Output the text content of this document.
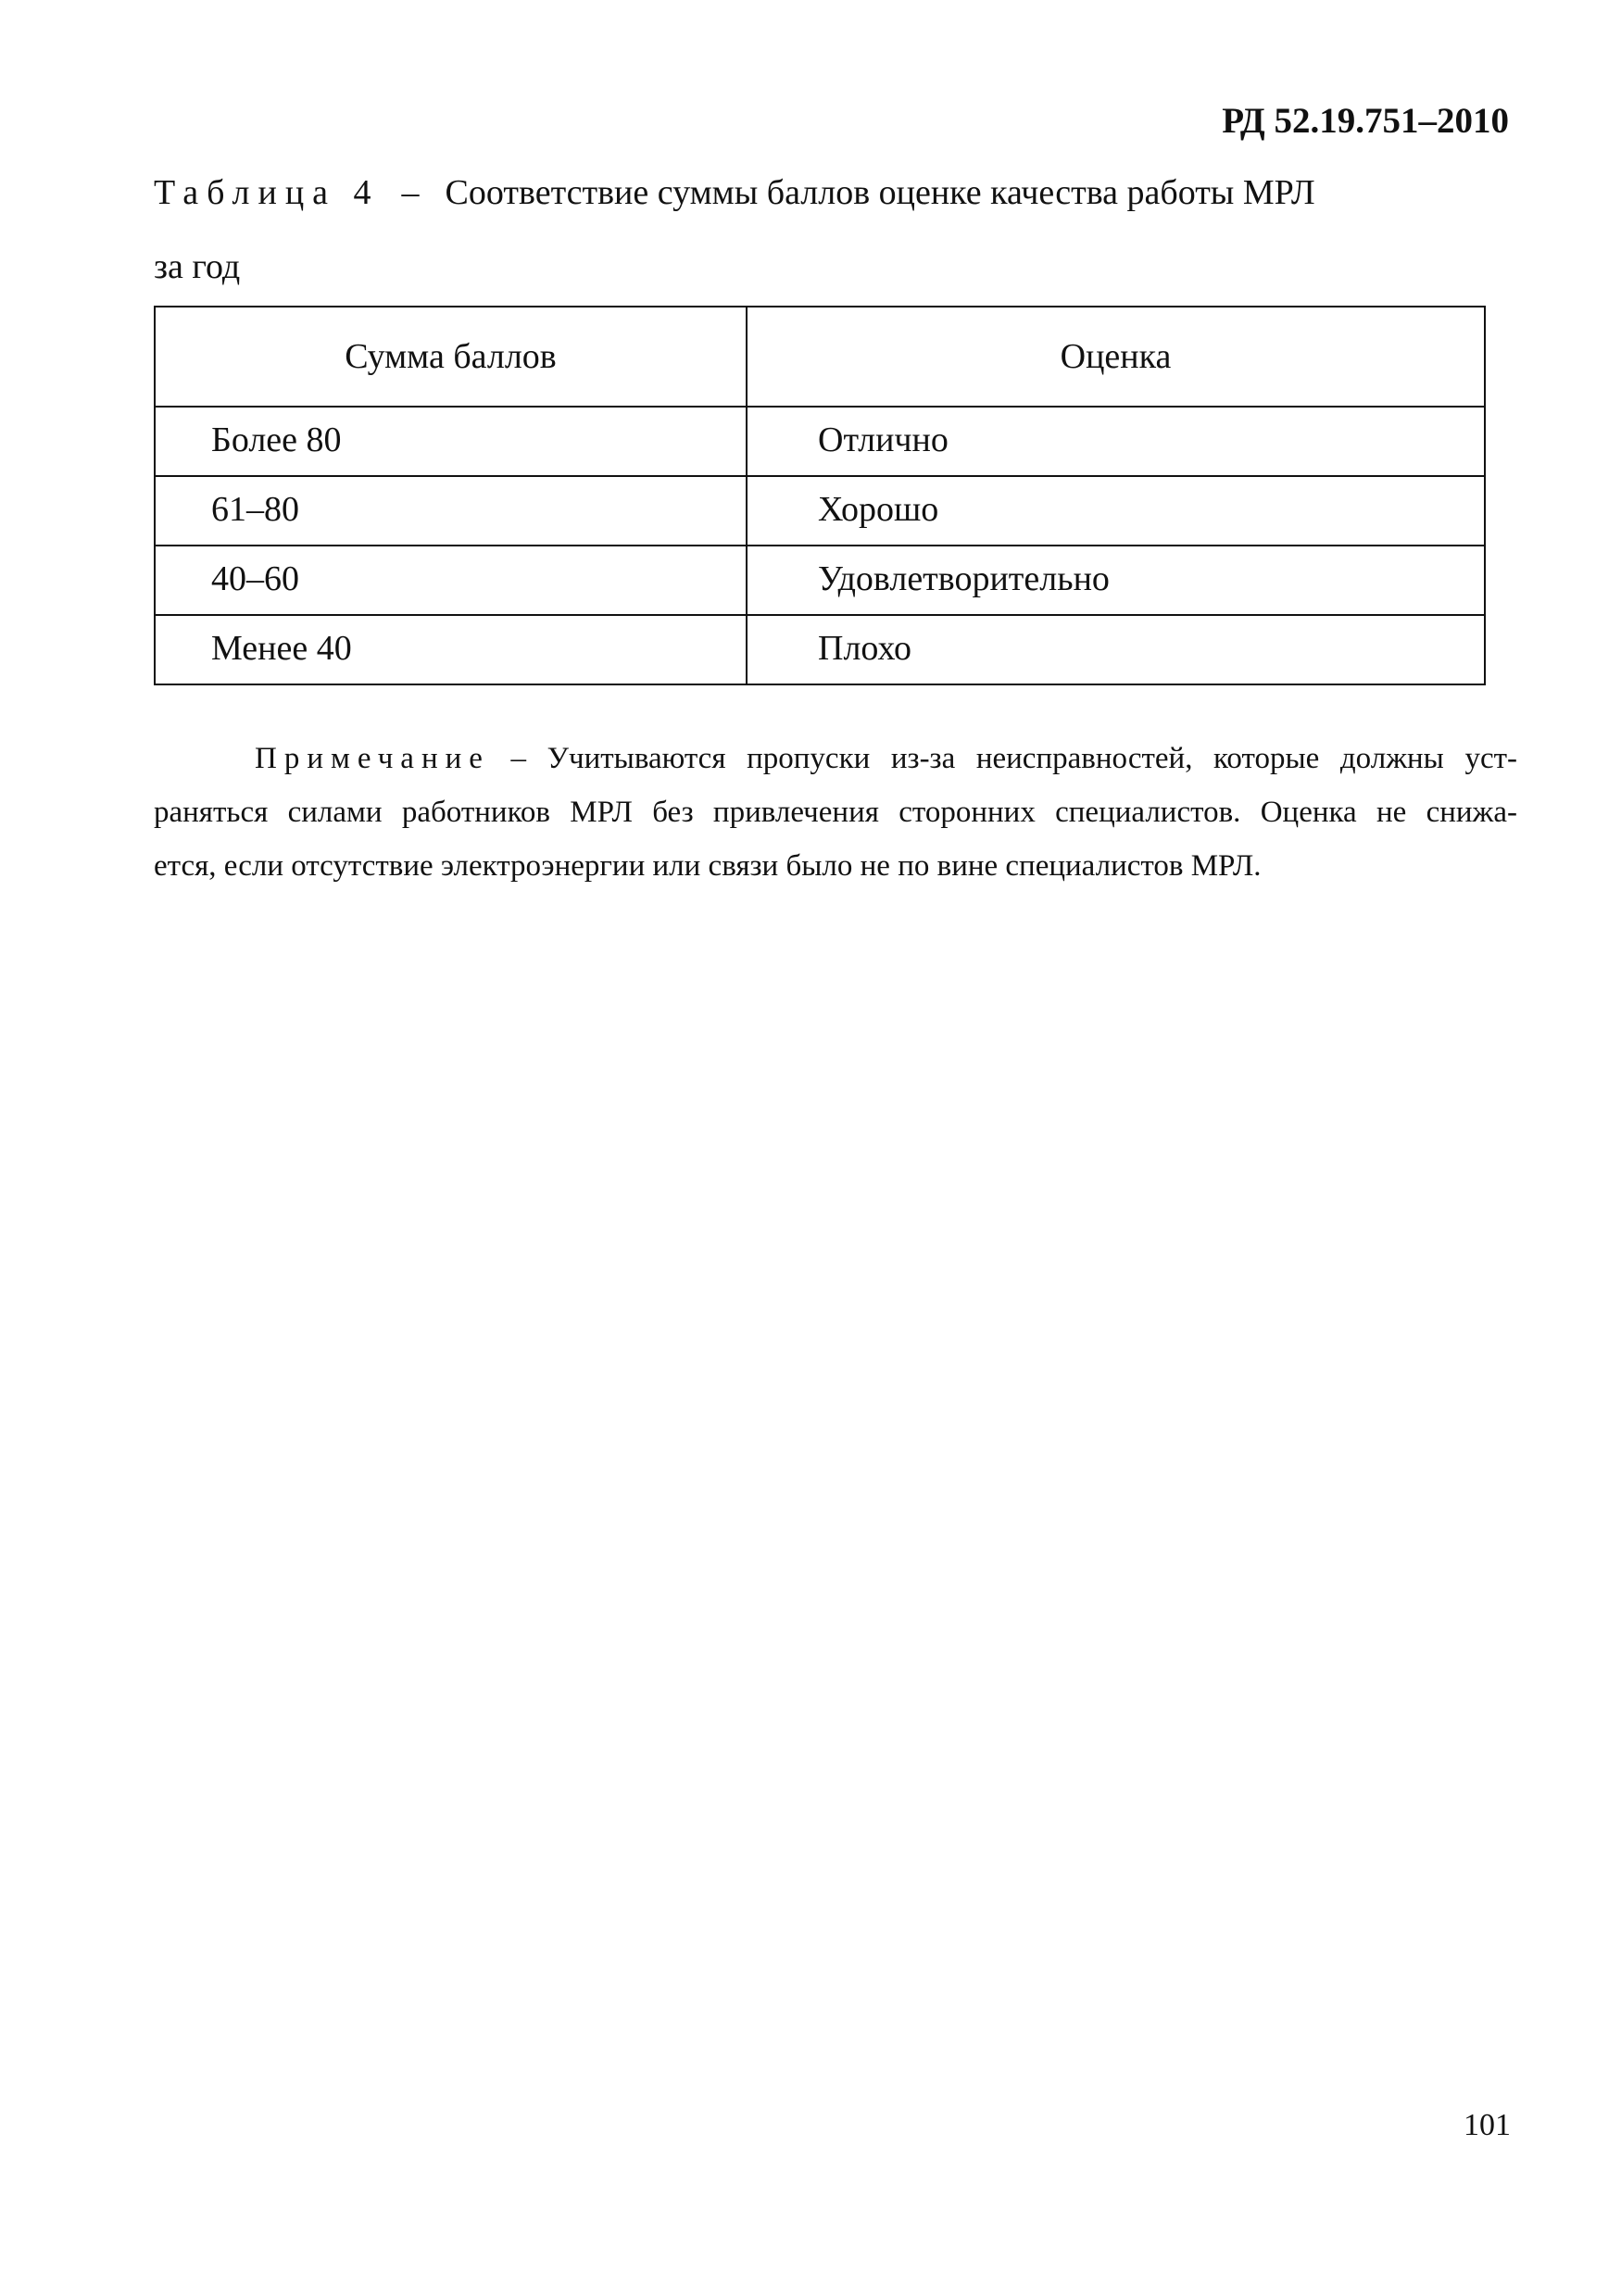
РД 52.19.751–2010

Таблица 4 – Соответствие суммы баллов оценке качества работы МРЛ
за год

Сумма баллов	Оценка
Более 80	Отлично
61–80	Хорошо
40–60	Удовлетворительно
Менее 40	Плохо

Примечание – Учитываются пропуски из-за неисправностей, которые должны уст-
раняться силами работников МРЛ без привлечения сторонних специалистов. Оценка не снижа-
ется, если отсутствие электроэнергии или связи было не по вине специалистов МРЛ.

101
